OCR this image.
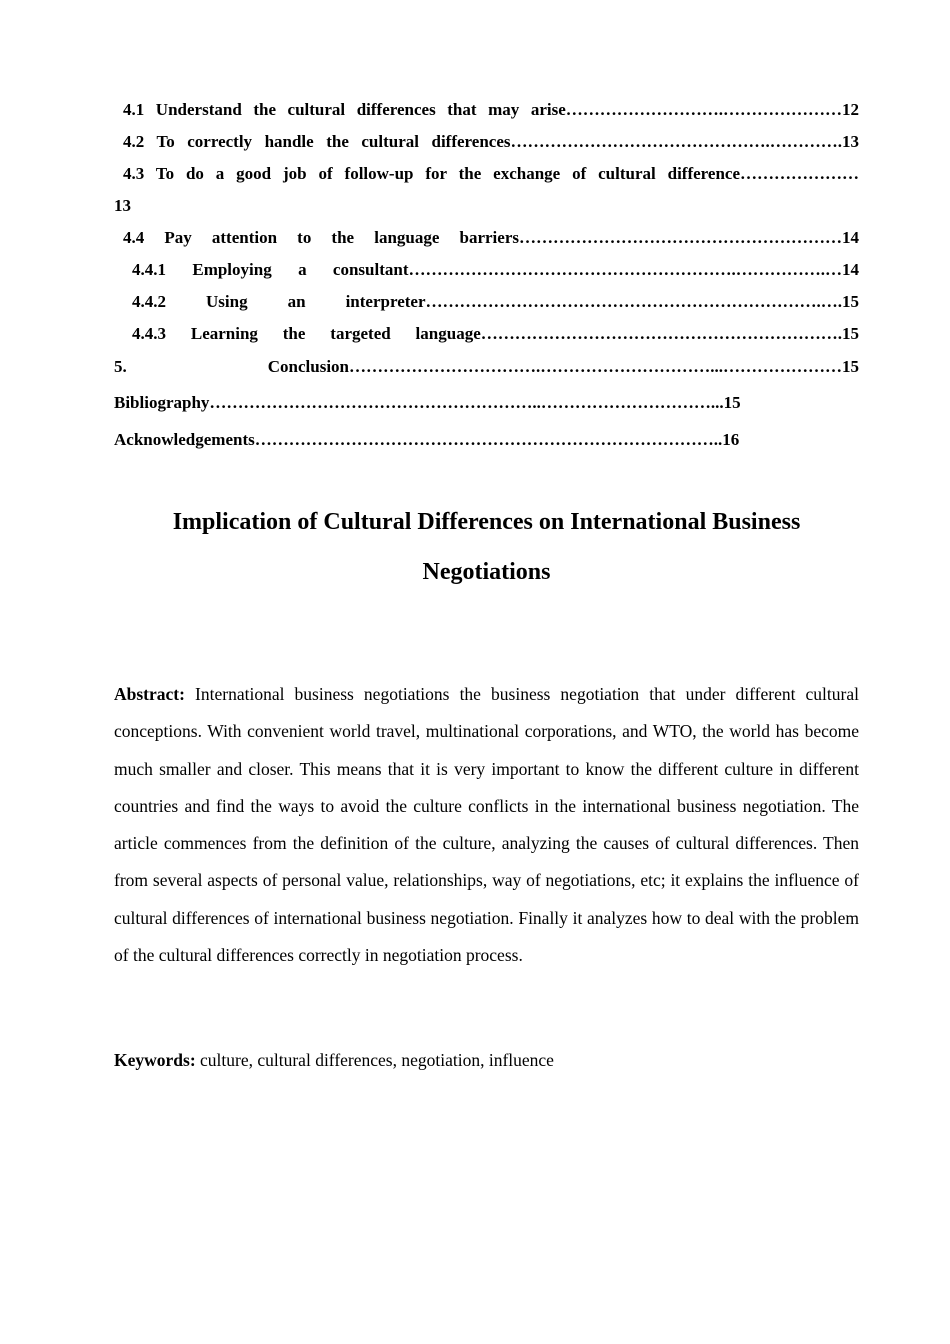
4.1 Understand the cultural differences that may arise……………………….…………………12
4.2 To correctly handle the cultural differences……………………………………….………….13
4.3 To do a good job of follow-up for the exchange of cultural difference…………………
13
4.4 Pay attention to the language barriers…………………………………………………14
4.4.1 Employing a consultant………………………………………………….…………….…14
4.4.2 Using an interpreter…………………………………………………………….….15
4.4.3 Learning the targeted language……………………………………………………….15
5. Conclusion…………………………….…………………………...…………………15
Bibliography…………………………………………………..…………………………...15
Acknowledgements………………………………………………………………………..16
Implication of Cultural Differences on International Business
Negotiations
Abstract: International business negotiations the business negotiation that under different cultural conceptions. With convenient world travel, multinational corporations, and WTO, the world has become much smaller and closer. This means that it is very important to know the different culture in different countries and find the ways to avoid the culture conflicts in the international business negotiation. The article commences from the definition of the culture, analyzing the causes of cultural differences. Then from several aspects of personal value, relationships, way of negotiations, etc; it explains the influence of cultural differences of international business negotiation. Finally it analyzes how to deal with the problem of the cultural differences correctly in negotiation process.
Keywords: culture, cultural differences, negotiation, influence
